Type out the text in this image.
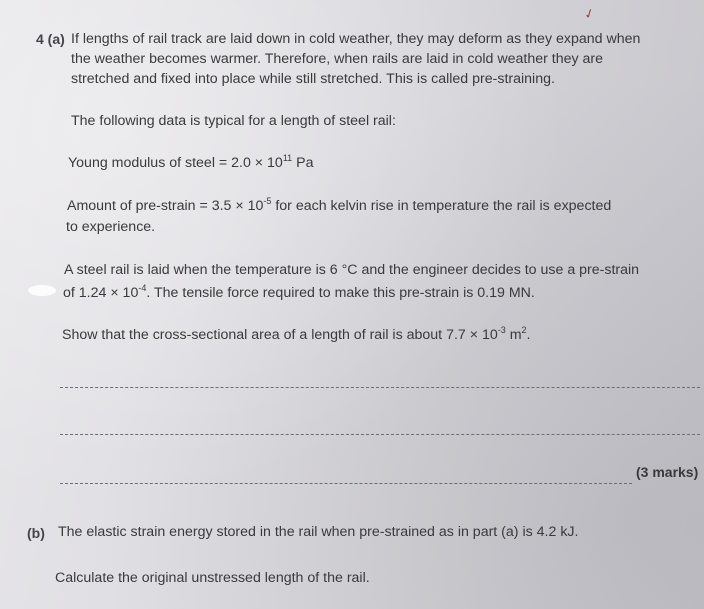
✓
4 (a) If lengths of rail track are laid down in cold weather, they may deform as they expand when
the weather becomes warmer. Therefore, when rails are laid in cold weather they are
stretched and fixed into place while still stretched. This is called pre-straining.
The following data is typical for a length of steel rail:
Young modulus of steel = $2.0 \times 10^{11}$ Pa
Amount of pre-strain = $3.5 \times 10^{-5}$ for each kelvin rise in temperature the rail is expected
to experience.
A steel rail is laid when the temperature is 6 °C and the engineer decides to use a pre-strain
of $1.24 \times 10^{-4}$. The tensile force required to make this pre-strain is 0.19 MN.
Show that the cross-sectional area of a length of rail is about $7.7 \times 10^{-3}$ $m^2$.
(3 marks)
(b) The elastic strain energy stored in the rail when pre-strained as in part (a) is 4.2 kJ.
Calculate the original unstressed length of the rail.
